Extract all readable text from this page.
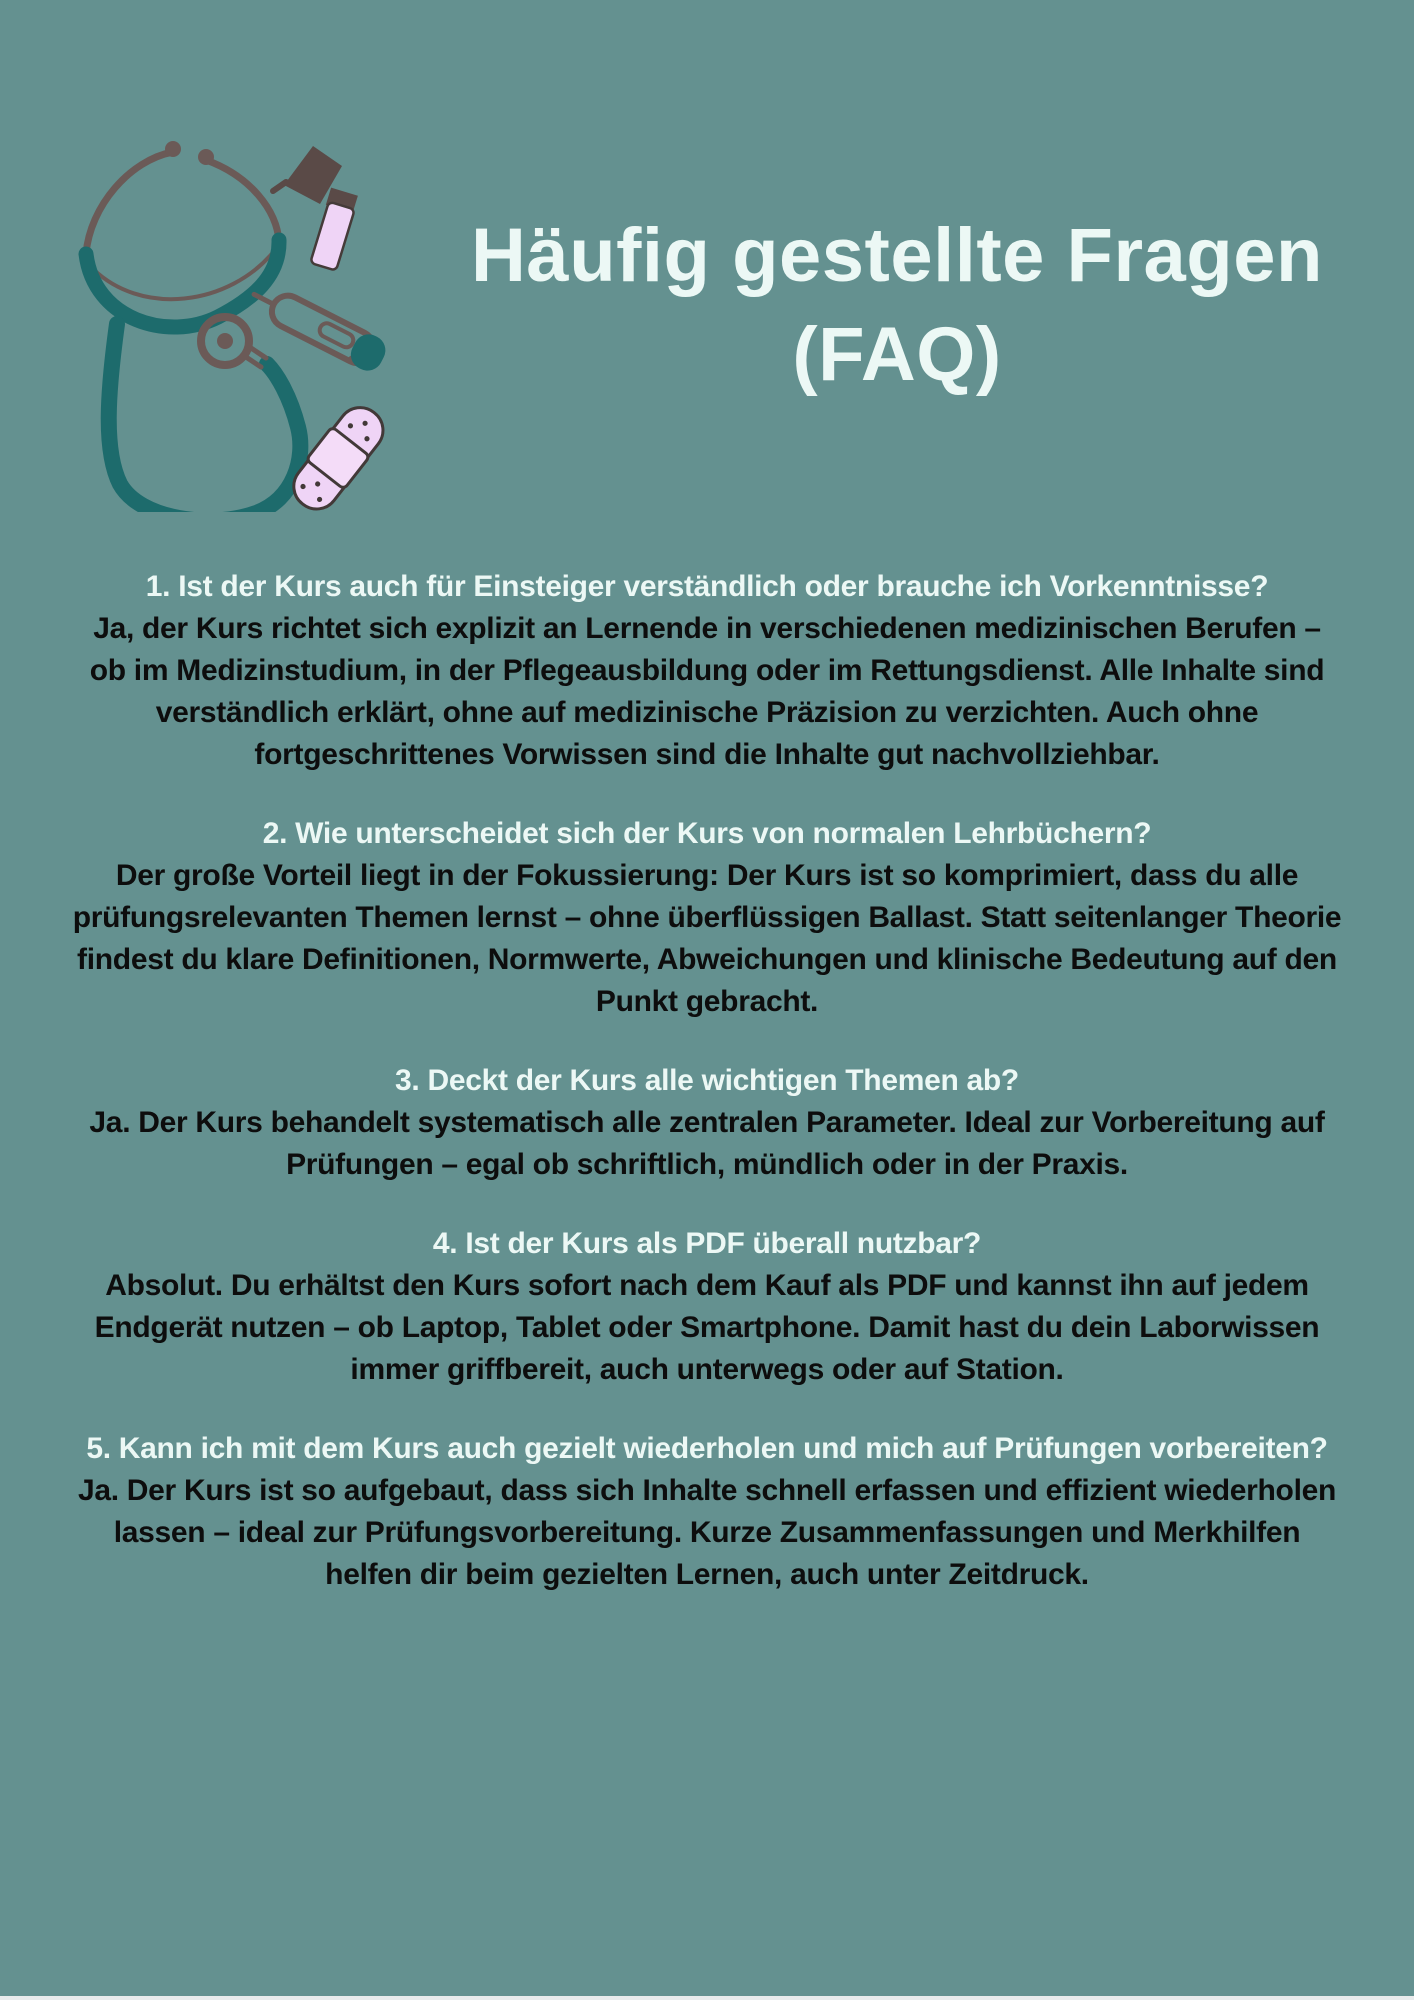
Häufig gestellte Fragen
(FAQ)
1. Ist der Kurs auch für Einsteiger verständlich oder brauche ich Vorkenntnisse?

Ja, der Kurs richtet sich explizit an Lernende in verschiedenen medizinischen Berufen – ob im Medizinstudium, in der Pflegeausbildung oder im Rettungsdienst. Alle Inhalte sind verständlich erklärt, ohne auf medizinische Präzision zu verzichten. Auch ohne fortgeschrittenes Vorwissen sind die Inhalte gut nachvollziehbar.

2. Wie unterscheidet sich der Kurs von normalen Lehrbüchern?

Der große Vorteil liegt in der Fokussierung: Der Kurs ist so komprimiert, dass du alle prüfungsrelevanten Themen lernst – ohne überflüssigen Ballast. Statt seitenlanger Theorie findest du klare Definitionen, Normwerte, Abweichungen und klinische Bedeutung auf den Punkt gebracht.

3. Deckt der Kurs alle wichtigen Themen ab?

Ja. Der Kurs behandelt systematisch alle zentralen Parameter. Ideal zur Vorbereitung auf Prüfungen – egal ob schriftlich, mündlich oder in der Praxis.

4. Ist der Kurs als PDF überall nutzbar?

Absolut. Du erhältst den Kurs sofort nach dem Kauf als PDF und kannst ihn auf jedem Endgerät nutzen – ob Laptop, Tablet oder Smartphone. Damit hast du dein Laborwissen immer griffbereit, auch unterwegs oder auf Station.

5. Kann ich mit dem Kurs auch gezielt wiederholen und mich auf Prüfungen vorbereiten?

Ja. Der Kurs ist so aufgebaut, dass sich Inhalte schnell erfassen und effizient wiederholen lassen – ideal zur Prüfungsvorbereitung. Kurze Zusammenfassungen und Merkhilfen helfen dir beim gezielten Lernen, auch unter Zeitdruck.
